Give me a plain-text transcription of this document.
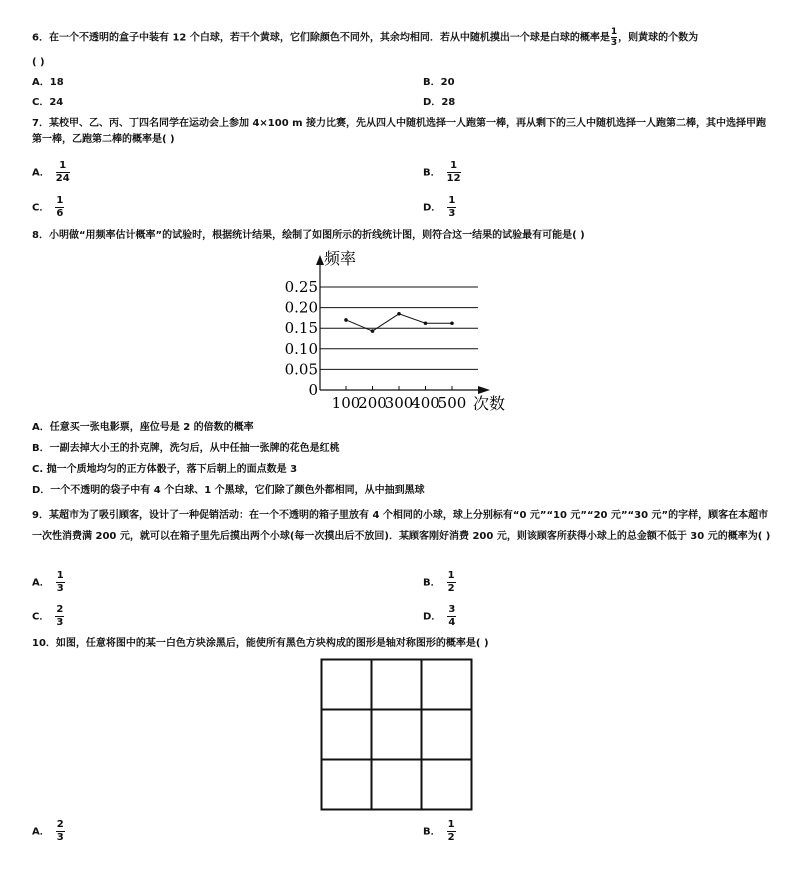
6．在一个不透明的盒子中装有 12 个白球，若干个黄球，它们除颜色不同外，其余均相同．若从中随机摸出一个球是白球的概率是 $\frac{1}{3}$ ，则黄球的个数为
( )
A．18	B．20
C．24	D．28
7．某校甲、乙、丙、丁四名同学在运动会上参加 4×100 m 接力比赛，先从四人中随机选择一人跑第一棒，再从剩下的三人中随机选择一人跑第二棒，其中选择甲跑第一棒，乙跑第二棒的概率是( )
A． $\frac{1}{24}$	B． $\frac{1}{12}$
C． $\frac{1}{6}$	D． $\frac{1}{3}$
8．小明做“用频率估计概率”的试验时，根据统计结果，绘制了如图所示的折线统计图，则符合这一结果的试验最有可能是( )
0.25
0.20
0.15
0.10
0.05
0
100
200
300
400
500
频率
次数
A．任意买一张电影票，座位号是 2 的倍数的概率
B．一副去掉大小王的扑克牌，洗匀后，从中任抽一张牌的花色是红桃
C. 抛一个质地均匀的正方体骰子，落下后朝上的面点数是 3
D．一个不透明的袋子中有 4 个白球、1 个黑球，它们除了颜色外都相同，从中抽到黑球
9．某超市为了吸引顾客，设计了一种促销活动：在一个不透明的箱子里放有 4 个相同的小球，球上分别标有“0 元”“10 元”“20 元”“30 元”的字样，顾客在本超市一次性消费满 200 元，就可以在箱子里先后摸出两个小球(每一次摸出后不放回)．某顾客刚好消费 200 元，则该顾客所获得小球上的总金额不低于 30 元的概率为( )
A． $\frac{1}{3}$	B． $\frac{1}{2}$
C． $\frac{2}{3}$	D． $\frac{3}{4}$
10．如图，任意将图中的某一白色方块涂黑后，能使所有黑色方块构成的图形是轴对称图形的概率是( )
A． $\frac{2}{3}$	B． $\frac{1}{2}$
